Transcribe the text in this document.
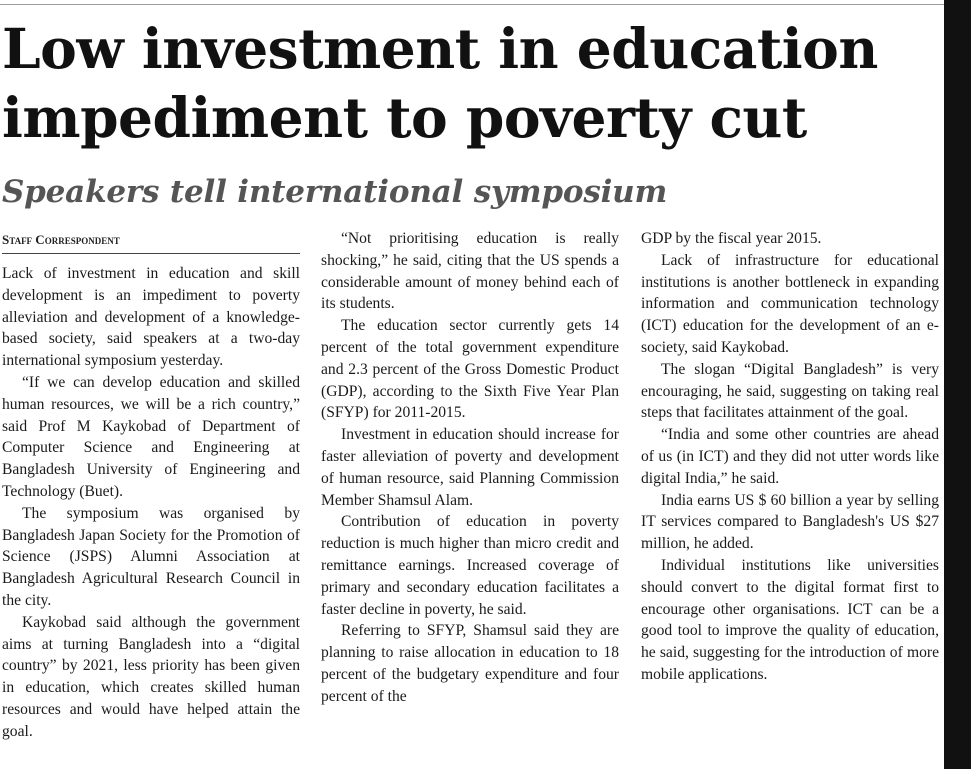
Low investment in education impediment to poverty cut
Speakers tell international symposium
Staff Correspondent

Lack of investment in education and skill development is an impediment to poverty alleviation and development of a knowledge-based society, said speakers at a two-day international symposium yesterday.

“If we can develop education and skilled human resources, we will be a rich country,” said Prof M Kaykobad of Department of Computer Science and Engineering at Bangladesh University of Engineering and Technology (Buet).

The symposium was organised by Bangladesh Japan Society for the Promotion of Science (JSPS) Alumni Association at Bangladesh Agricultural Research Council in the city.

Kaykobad said although the government aims at turning Bangladesh into a “digital country” by 2021, less priority has been given in education, which creates skilled human resources and would have helped attain the goal.

“Not prioritising education is really shocking,” he said, citing that the US spends a considerable amount of money behind each of its students.

The education sector currently gets 14 percent of the total government expenditure and 2.3 percent of the Gross Domestic Product (GDP), according to the Sixth Five Year Plan (SFYP) for 2011-2015.

Investment in education should increase for faster alleviation of poverty and development of human resource, said Planning Commission Member Shamsul Alam.

Contribution of education in poverty reduction is much higher than micro credit and remittance earnings. Increased coverage of primary and secondary education facilitates a faster decline in poverty, he said.

Referring to SFYP, Shamsul said they are planning to raise allocation in education to 18 percent of the budgetary expenditure and four percent of the

GDP by the fiscal year 2015.

Lack of infrastructure for educational institutions is another bottleneck in expanding information and communication technology (ICT) education for the development of an e-society, said Kaykobad.

The slogan “Digital Bangladesh” is very encouraging, he said, suggesting on taking real steps that facilitates attainment of the goal.

“India and some other countries are ahead of us (in ICT) and they did not utter words like digital India,” he said.

India earns US $ 60 billion a year by selling IT services compared to Bangladesh's US $27 million, he added.

Individual institutions like universities should convert to the digital format first to encourage other organisations. ICT can be a good tool to improve the quality of education, he said, suggesting for the introduction of more mobile applications.
